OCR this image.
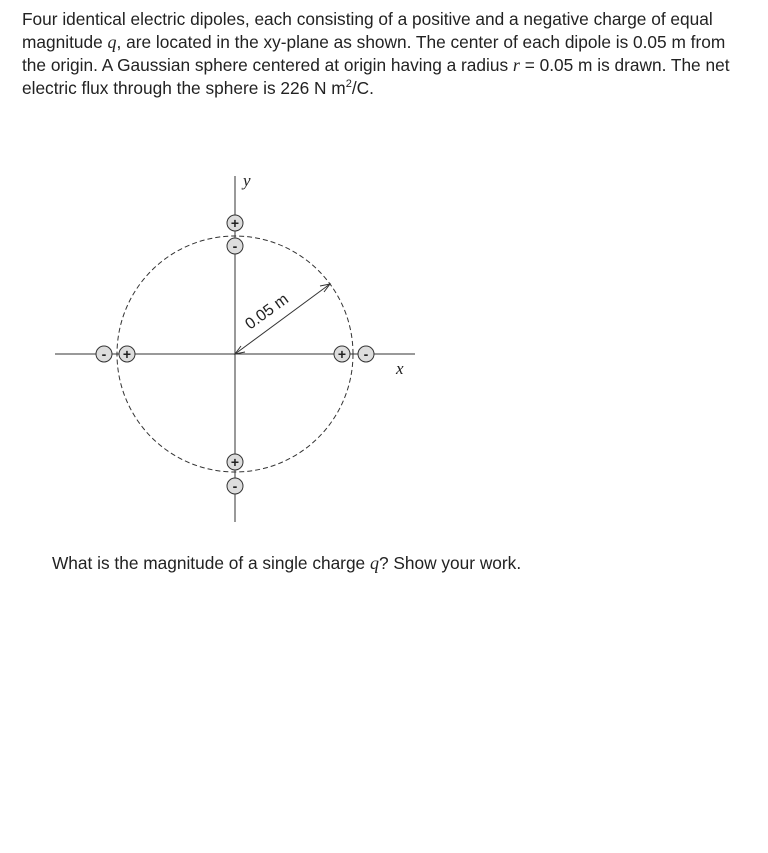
Four identical electric dipoles, each consisting of a positive and a negative charge of equal magnitude q, are located in the xy-plane as shown. The center of each dipole is 0.05 m from the origin. A Gaussian sphere centered at origin having a radius r = 0.05 m is drawn. The net electric flux through the sphere is 226 N $m^2/C$.

x
y
0.05 m
+
-
+
-
- +	+ -

What is the magnitude of a single charge q? Show your work.
